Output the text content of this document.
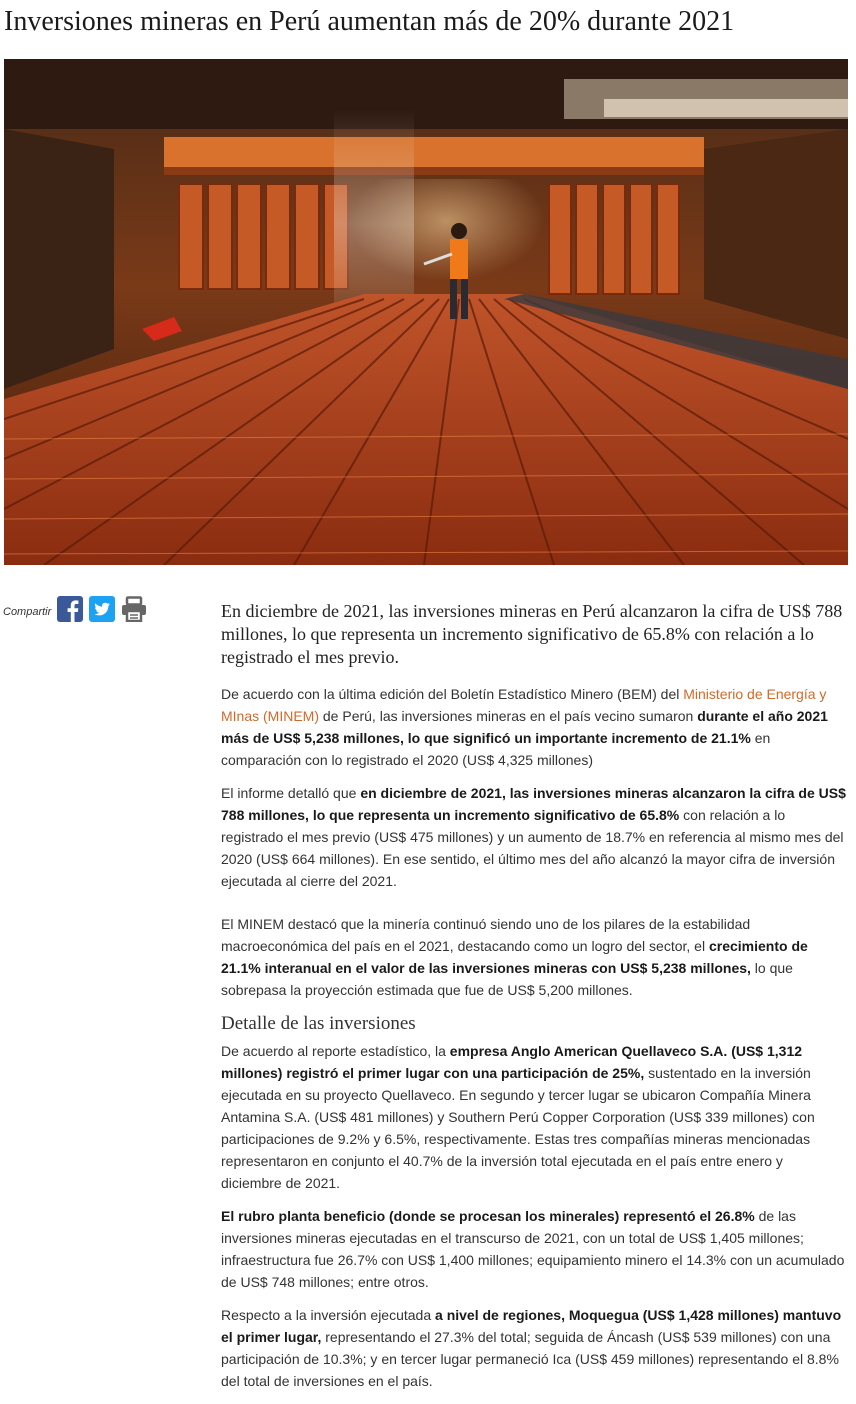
Inversiones mineras en Perú aumentan más de 20% durante 2021
Compartir	En diciembre de 2021, las inversiones mineras en Perú alcanzaron la cifra de US$ 788 millones, lo que representa un incremento significativo de 65.8% con relación a lo registrado el mes previo.

De acuerdo con la última edición del Boletín Estadístico Minero (BEM) del Ministerio de Energía y MInas (MINEM) de Perú, las inversiones mineras en el país vecino sumaron durante el año 2021 más de US$ 5,238 millones, lo que significó un importante incremento de 21.1% en comparación con lo registrado el 2020 (US$ 4,325 millones)

El informe detalló que en diciembre de 2021, las inversiones mineras alcanzaron la cifra de US$ 788 millones, lo que representa un incremento significativo de 65.8% con relación a lo registrado el mes previo (US$ 475 millones) y un aumento de 18.7% en referencia al mismo mes del 2020 (US$ 664 millones). En ese sentido, el último mes del año alcanzó la mayor cifra de inversión ejecutada al cierre del 2021.

El MINEM destacó que la minería continuó siendo uno de los pilares de la estabilidad macroeconómica del país en el 2021, destacando como un logro del sector, el crecimiento de 21.1% interanual en el valor de las inversiones mineras con US$ 5,238 millones, lo que sobrepasa la proyección estimada que fue de US$ 5,200 millones.

Detalle de las inversiones

De acuerdo al reporte estadístico, la empresa Anglo American Quellaveco S.A. (US$ 1,312 millones) registró el primer lugar con una participación de 25%, sustentado en la inversión ejecutada en su proyecto Quellaveco. En segundo y tercer lugar se ubicaron Compañía Minera Antamina S.A. (US$ 481 millones) y Southern Perú Copper Corporation (US$ 339 millones) con participaciones de 9.2% y 6.5%, respectivamente. Estas tres compañías mineras mencionadas representaron en conjunto el 40.7% de la inversión total ejecutada en el país entre enero y diciembre de 2021.

El rubro planta beneficio (donde se procesan los minerales) representó el 26.8% de las inversiones mineras ejecutadas en el transcurso de 2021, con un total de US$ 1,405 millones; infraestructura fue 26.7% con US$ 1,400 millones; equipamiento minero el 14.3% con un acumulado de US$ 748 millones; entre otros.

Respecto a la inversión ejecutada a nivel de regiones, Moquegua (US$ 1,428 millones) mantuvo el primer lugar, representando el 27.3% del total; seguida de Áncash (US$ 539 millones) con una participación de 10.3%; y en tercer lugar permaneció Ica (US$ 459 millones) representando el 8.8% del total de inversiones en el país.
